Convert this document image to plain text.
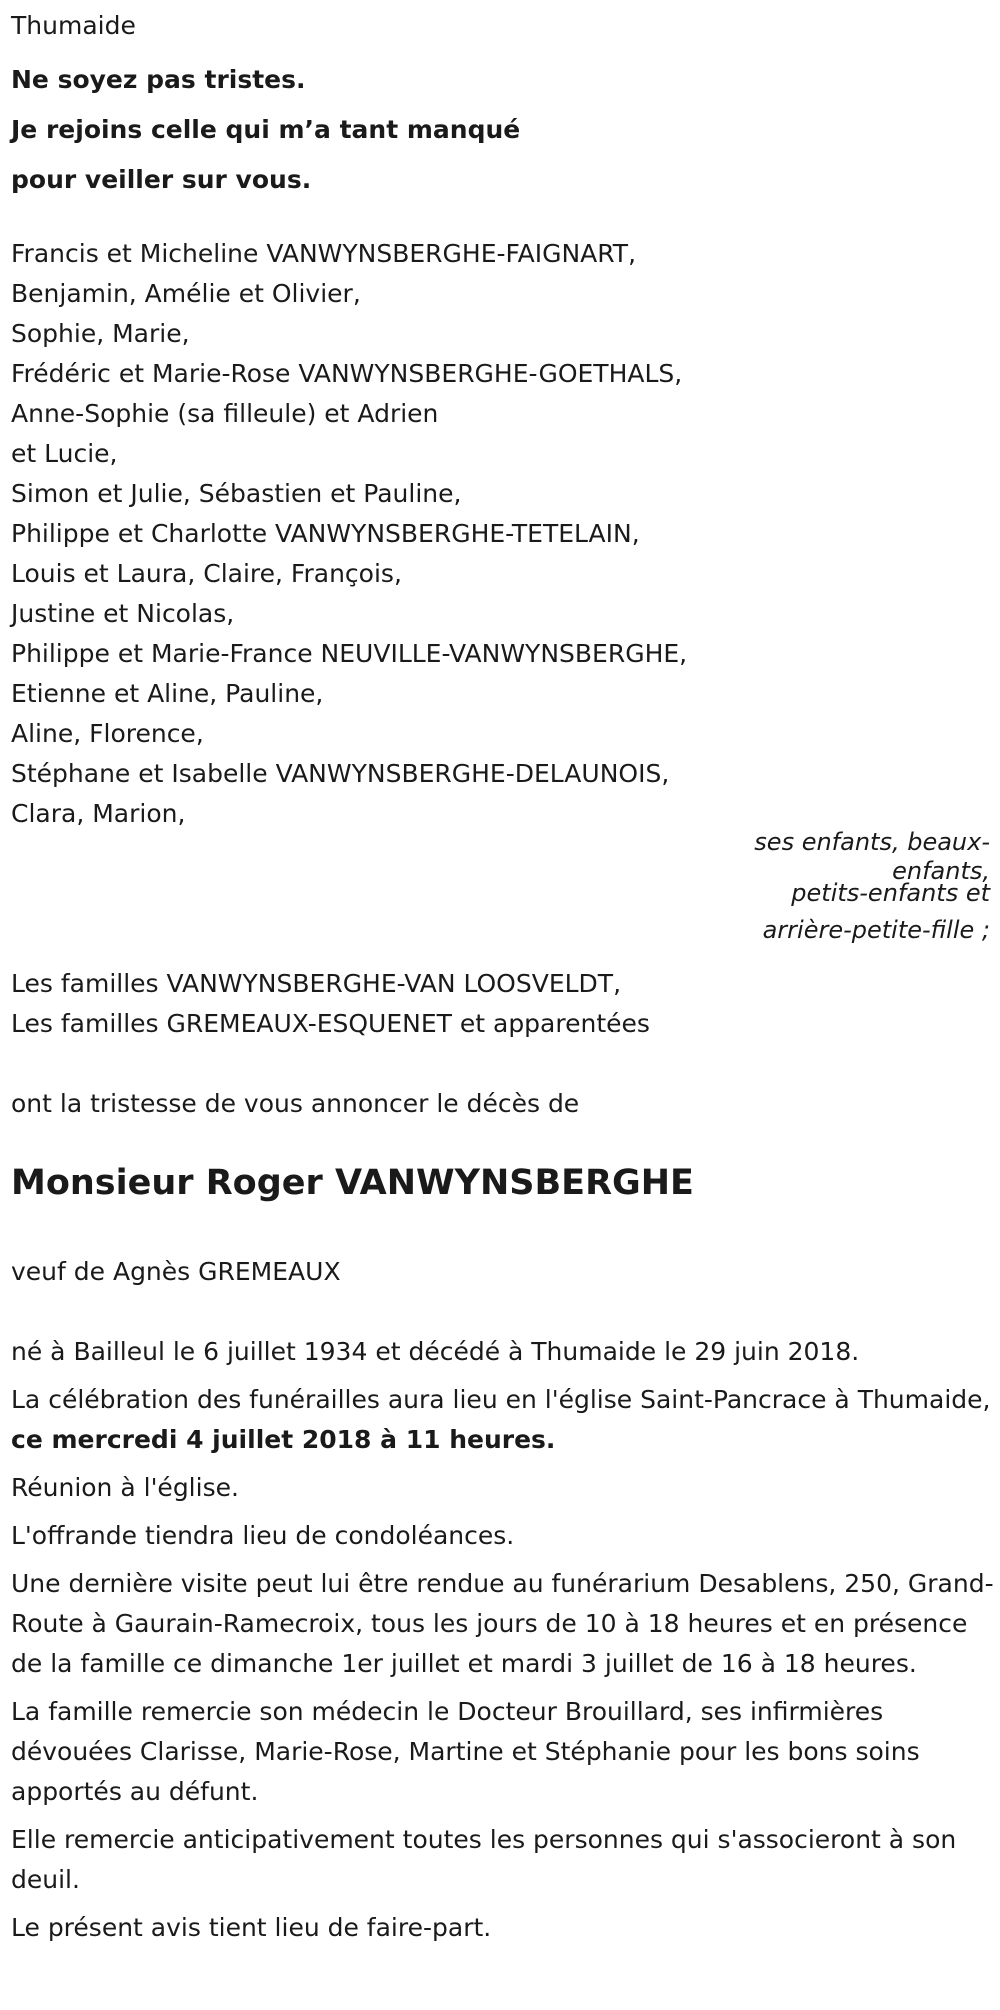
Thumaide
Ne soyez pas tristes.
Je rejoins celle qui m’a tant manqué
pour veiller sur vous.
Francis et Micheline VANWYNSBERGHE-FAIGNART,
Benjamin, Amélie et Olivier,
Sophie, Marie,
Frédéric et Marie-Rose VANWYNSBERGHE-GOETHALS,
Anne-Sophie (sa filleule) et Adrien
et Lucie,
Simon et Julie, Sébastien et Pauline,
Philippe et Charlotte VANWYNSBERGHE-TETELAIN,
Louis et Laura, Claire, François,
Justine et Nicolas,
Philippe et Marie-France NEUVILLE-VANWYNSBERGHE,
Etienne et Aline, Pauline,
Aline, Florence,
Stéphane et Isabelle VANWYNSBERGHE-DELAUNOIS,
Clara, Marion,
ses enfants, beaux-
enfants,
petits-enfants et
arrière-petite-fille ;
Les familles VANWYNSBERGHE-VAN LOOSVELDT,
Les familles GREMEAUX-ESQUENET et apparentées
ont la tristesse de vous annoncer le décès de
Monsieur Roger VANWYNSBERGHE
veuf de Agnès GREMEAUX

né à Bailleul le 6 juillet 1934 et décédé à Thumaide le 29 juin 2018.

La célébration des funérailles aura lieu en l'église Saint-Pancrace à Thumaide, ce mercredi 4 juillet 2018 à 11 heures.

Réunion à l'église.

L'offrande tiendra lieu de condoléances.

Une dernière visite peut lui être rendue au funérarium Desablens, 250, Grand-Route à Gaurain-Ramecroix, tous les jours de 10 à 18 heures et en présence de la famille ce dimanche 1er juillet et mardi 3 juillet de 16 à 18 heures.

La famille remercie son médecin le Docteur Brouillard, ses infirmières dévouées Clarisse, Marie-Rose, Martine et Stéphanie pour les bons soins apportés au défunt.

Elle remercie anticipativement toutes les personnes qui s'associeront à son deuil.

Le présent avis tient lieu de faire-part.
